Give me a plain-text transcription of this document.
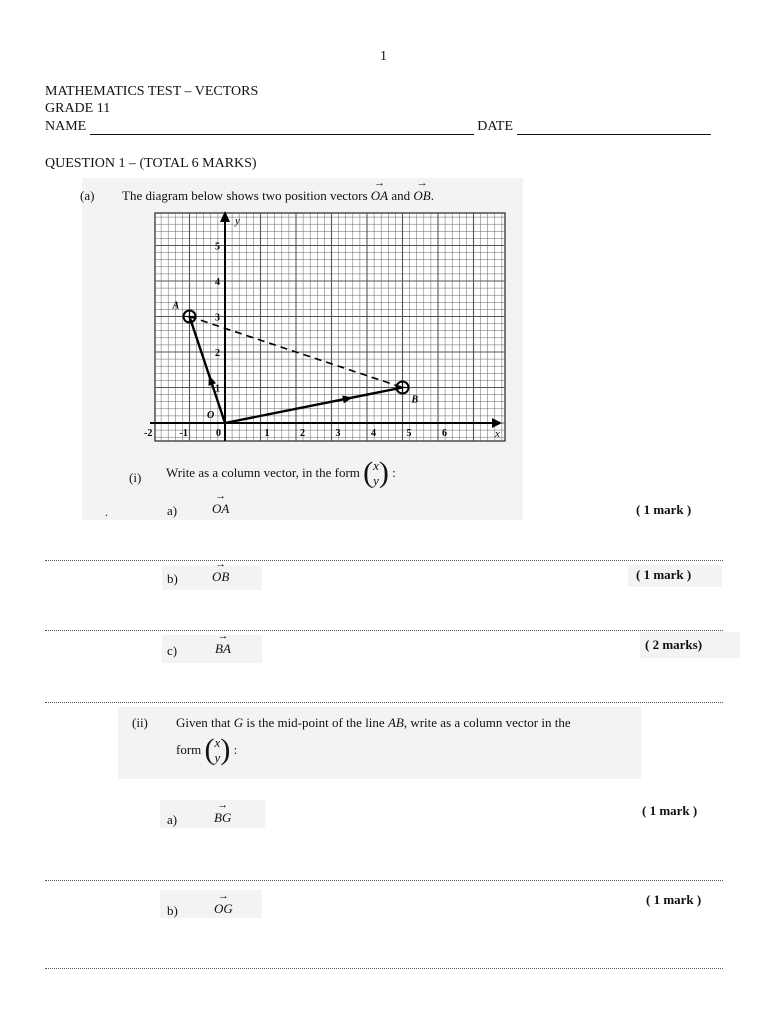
1
MATHEMATICS TEST – VECTORS
GRADE 11
NAME	DATE
QUESTION 1 – (TOTAL 6 MARKS)
(a) The diagram below shows two position vectors
→
OA and
→
OB.
x
y
-2	-1	0	1	2	3	4	5	6
1
2
3
4
5
O
A
B
(i) Write as a column vector, in the form ( x
y ) :
.	a)
→
OA	( 1 mark )
b)
→
OB	( 1 mark )
c)
→
BA	( 2 marks)
(ii) Given that G is the mid-point of the line AB, write as a column vector in the
form ( x
y ) :
a)
→
BG	( 1 mark )
b)
→
OG
( 1 mark )
